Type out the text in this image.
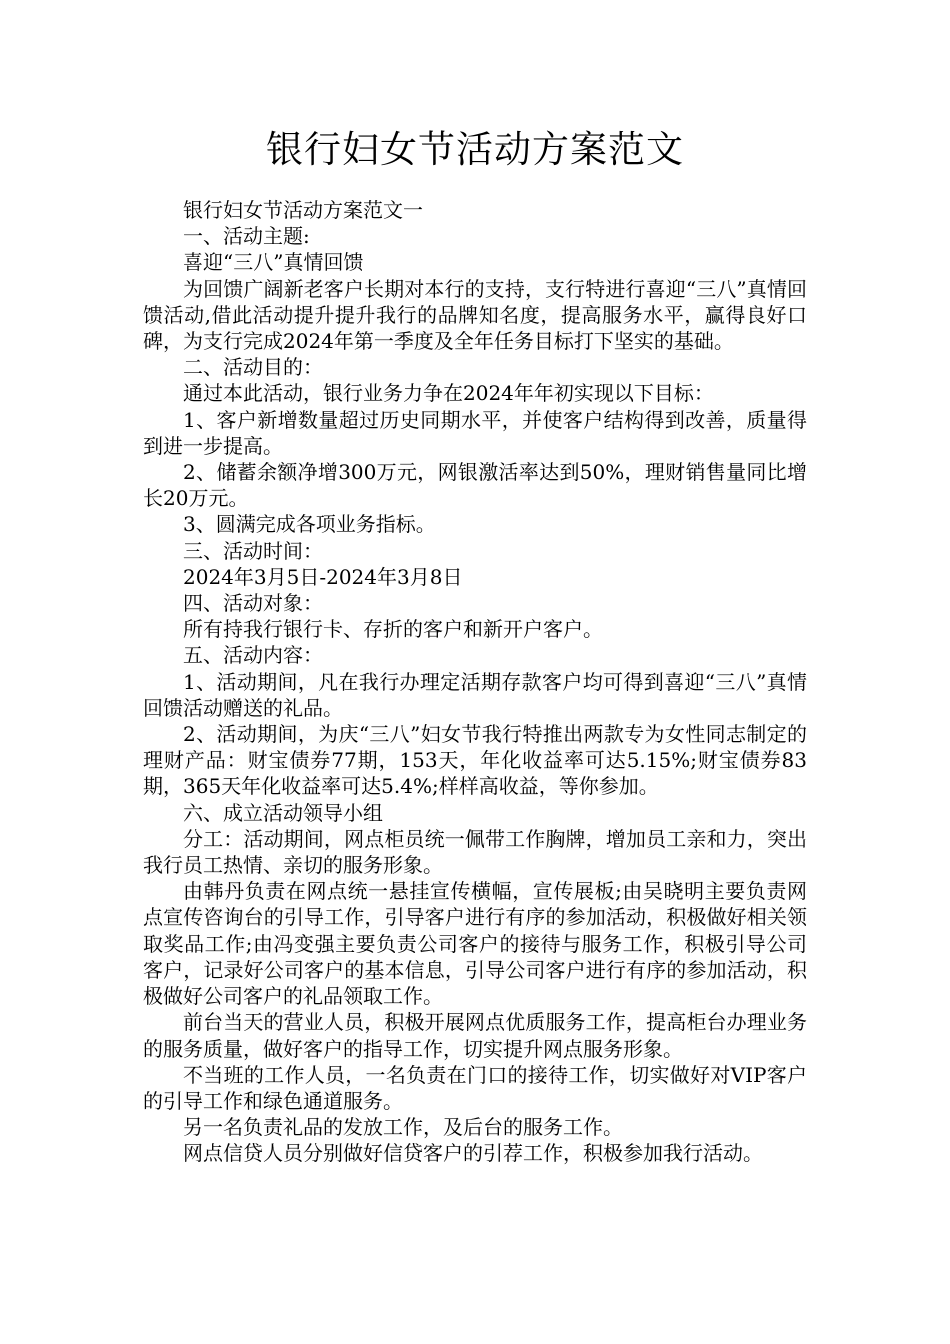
银行妇女节活动方案范文

银行妇女节活动方案范文一

一、活动主题:

喜迎“三八”真情回馈

为回馈广阔新老客户长期对本行的支持，支行特进行喜迎“三八”真情回馈活动,借此活动提升提升我行的品牌知名度，提高服务水平，赢得良好口碑，为支行完成2024年第一季度及全年任务目标打下坚实的基础。

二、活动目的：

通过本此活动，银行业务力争在2024年年初实现以下目标：

1、客户新增数量超过历史同期水平，并使客户结构得到改善，质量得到进一步提高。

2、储蓄余额净增300万元，网银激活率达到50%，理财销售量同比增长20万元。

3、圆满完成各项业务指标。

三、活动时间：

2024年3月5日-2024年3月8日

四、活动对象：

所有持我行银行卡、存折的客户和新开户客户。

五、活动内容：

1、活动期间，凡在我行办理定活期存款客户均可得到喜迎“三八”真情回馈活动赠送的礼品。

2、活动期间，为庆“三八”妇女节我行特推出两款专为女性同志制定的理财产品：财宝债券77期，153天，年化收益率可达5.15%;财宝债券83期，365天年化收益率可达5.4%;样样高收益，等你参加。

六、成立活动领导小组

分工：活动期间，网点柜员统一佩带工作胸牌，增加员工亲和力，突出我行员工热情、亲切的服务形象。

由韩丹负责在网点统一悬挂宣传横幅，宣传展板;由吴晓明主要负责网点宣传咨询台的引导工作，引导客户进行有序的参加活动，积极做好相关领取奖品工作;由冯变强主要负责公司客户的接待与服务工作，积极引导公司客户，记录好公司客户的基本信息，引导公司客户进行有序的参加活动，积极做好公司客户的礼品领取工作。

前台当天的营业人员，积极开展网点优质服务工作，提高柜台办理业务的服务质量，做好客户的指导工作，切实提升网点服务形象。

不当班的工作人员，一名负责在门口的接待工作，切实做好对VIP客户的引导工作和绿色通道服务。

另一名负责礼品的发放工作，及后台的服务工作。

网点信贷人员分别做好信贷客户的引荐工作，积极参加我行活动。
